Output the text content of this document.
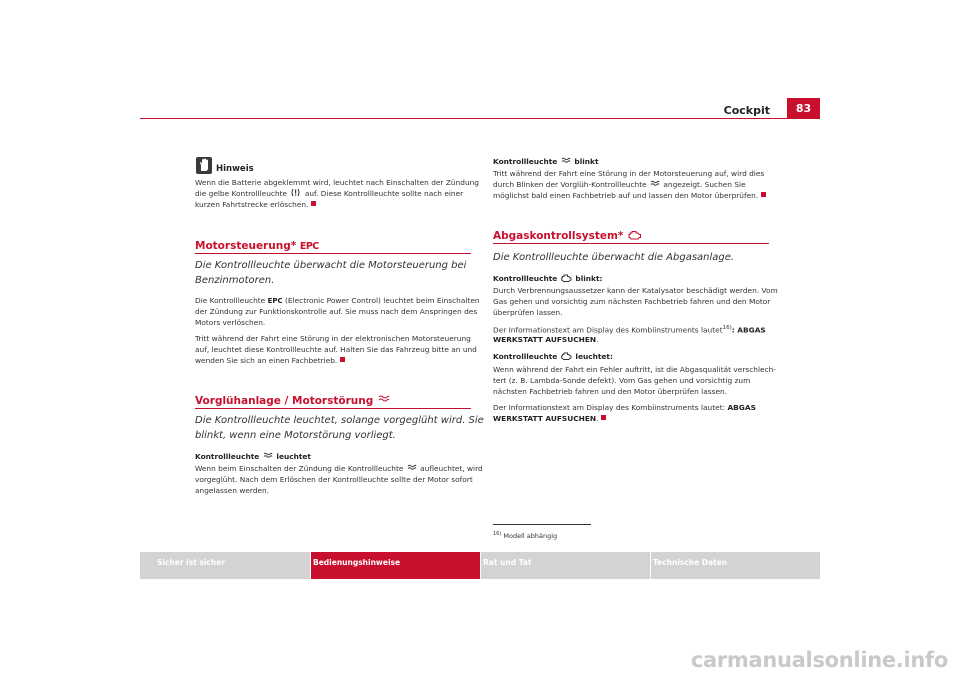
Cockpit	83
Hinweis
Wenn die Batterie abgeklemmt wird, leuchtet nach Einschalten der Zündung
die gelbe Kontrollleuchte auf. Diese Kontrollleuchte sollte nach einer
kurzen Fahrtstrecke erlöschen.
Motorsteuerung* EPC
Die Kontrollleuchte überwacht die Motorsteuerung bei
Benzinmotoren.
Die Kontrollleuchte EPC (Electronic Power Control) leuchtet beim Einschalten
der Zündung zur Funktionskontrolle auf. Sie muss nach dem Anspringen des
Motors verlöschen.
Tritt während der Fahrt eine Störung in der elektronischen Motorsteuerung
auf, leuchtet diese Kontrollleuchte auf. Halten Sie das Fahrzeug bitte an und
wenden Sie sich an einen Fachbetrieb.
Vorglühanlage / Motorstörung
Die Kontrollleuchte leuchtet, solange vorgeglüht wird. Sie
blinkt, wenn eine Motorstörung vorliegt.
Kontrollleuchte leuchtet
Wenn beim Einschalten der Zündung die Kontrollleuchte aufleuchtet, wird
vorgeglüht. Nach dem Erlöschen der Kontrollleuchte sollte der Motor sofort
angelassen werden.
Kontrollleuchte blinkt
Tritt während der Fahrt eine Störung in der Motorsteuerung auf, wird dies
durch Blinken der Vorglüh-Kontrollleuchte angezeigt. Suchen Sie
möglichst bald einen Fachbetrieb auf und lassen den Motor überprüfen.
Abgaskontrollsystem*
Die Kontrollleuchte überwacht die Abgasanlage.
Kontrollleuchte blinkt:
Durch Verbrennungsaussetzer kann der Katalysator beschädigt werden. Vom
Gas gehen und vorsichtig zum nächsten Fachbetrieb fahren und den Motor
überprüfen lassen.
Der Informationstext am Display des Kombiinstruments lautet$^{16)}$: ABGAS
WERKSTATT AUFSUCHEN.
Kontrollleuchte leuchtet:
Wenn während der Fahrt ein Fehler auftritt, ist die Abgasqualität verschlech-
tert (z. B. Lambda-Sonde defekt). Vom Gas gehen und vorsichtig zum
nächsten Fachbetrieb fahren und den Motor überprüfen lassen.
Der Informationstext am Display des Kombiinstruments lautet: ABGAS
WERKSTATT AUFSUCHEN.
$^{16)}$ Modell abhängig
Sicher ist sicher	Bedienungshinweise	Rat und Tat	Technische Daten
carmanualsonline.info
